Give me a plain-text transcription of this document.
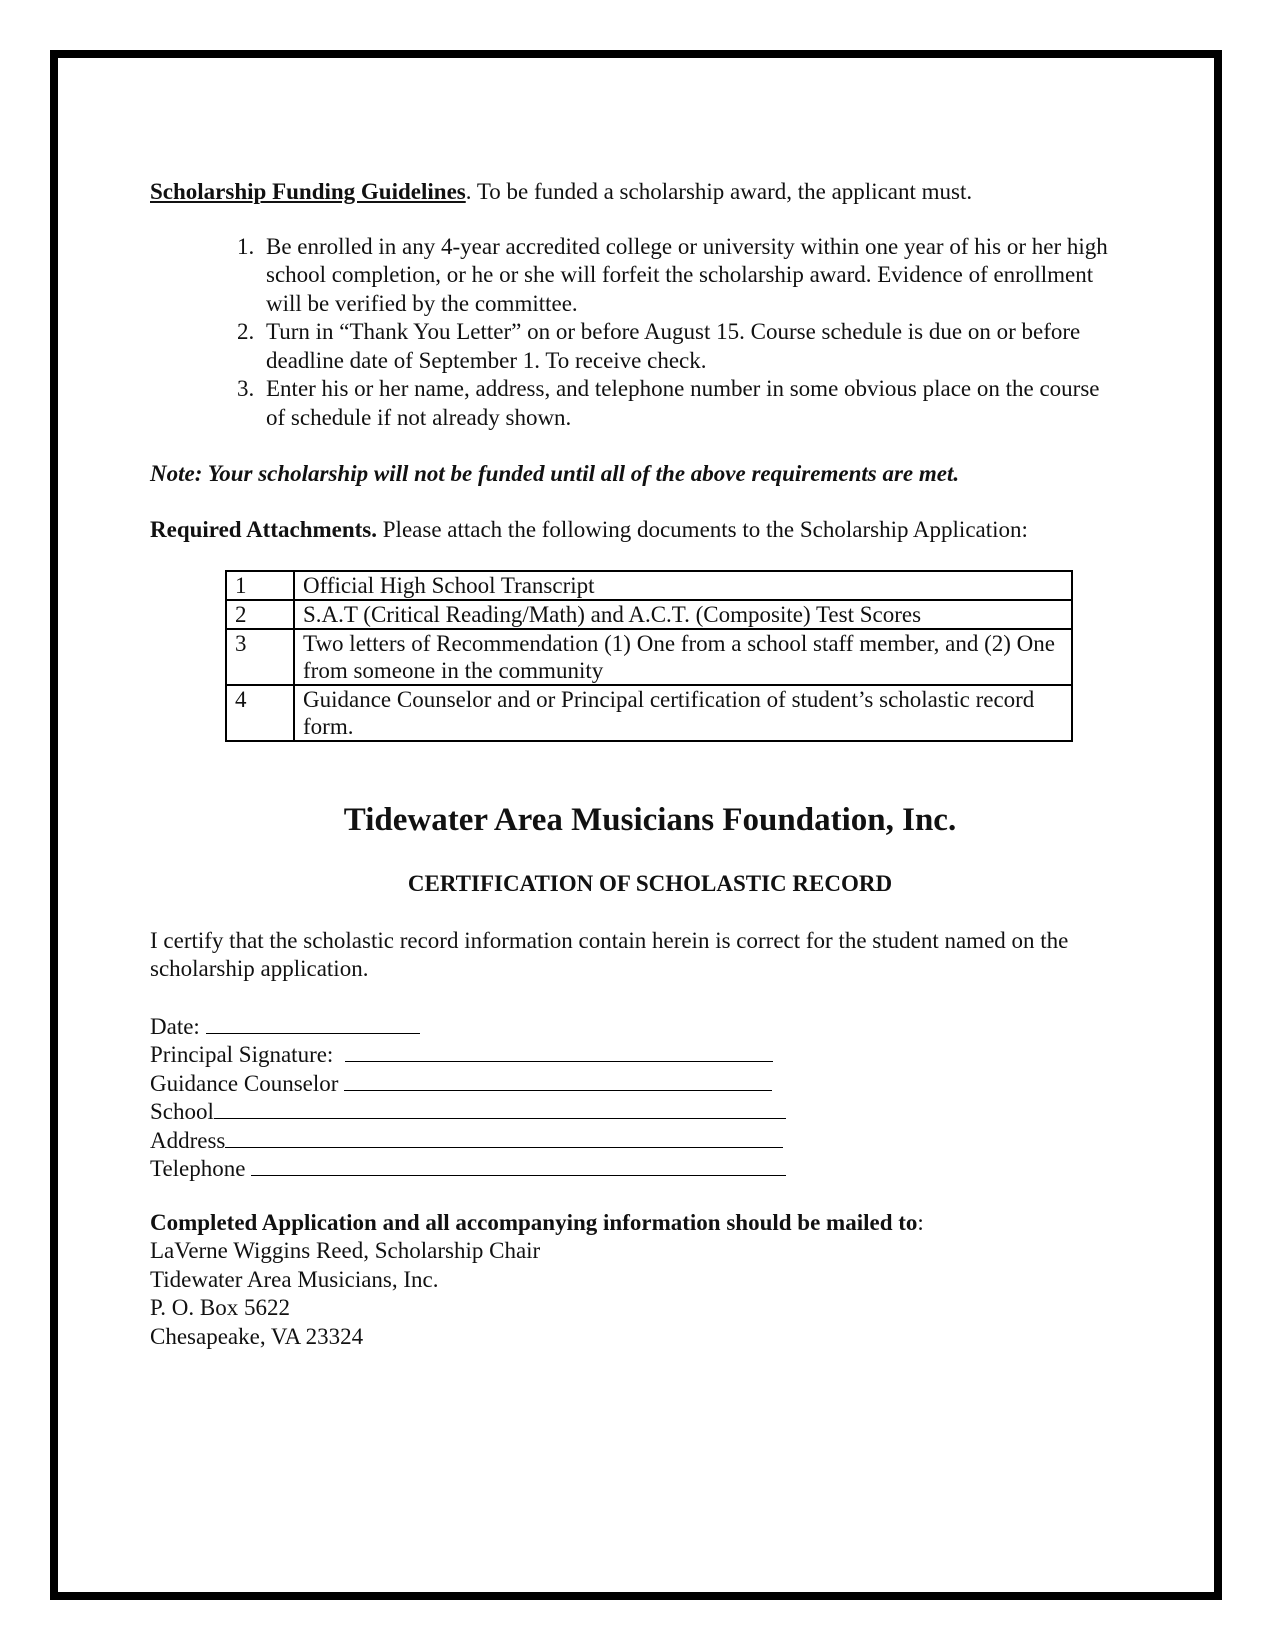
Scholarship Funding Guidelines. To be funded a scholarship award, the applicant must.
1. Be enrolled in any 4-year accredited college or university within one year of his or her high school completion, or he or she will forfeit the scholarship award. Evidence of enrollment will be verified by the committee.
2. Turn in “Thank You Letter” on or before August 15. Course schedule is due on or before deadline date of September 1. To receive check.
3. Enter his or her name, address, and telephone number in some obvious place on the course of schedule if not already shown.
Note: Your scholarship will not be funded until all of the above requirements are met.
Required Attachments. Please attach the following documents to the Scholarship Application:
1	Official High School Transcript
2	S.A.T (Critical Reading/Math) and A.C.T. (Composite) Test Scores
3	Two letters of Recommendation (1) One from a school staff member, and (2) One from someone in the community
4	Guidance Counselor and or Principal certification of student’s scholastic record form.
Tidewater Area Musicians Foundation, Inc.
CERTIFICATION OF SCHOLASTIC RECORD
I certify that the scholastic record information contain herein is correct for the student named on the scholarship application.
Date:
Principal Signature:
Guidance Counselor
School
Address
Telephone
Completed Application and all accompanying information should be mailed to:
LaVerne Wiggins Reed, Scholarship Chair
Tidewater Area Musicians, Inc.
P. O. Box 5622
Chesapeake, VA 23324
